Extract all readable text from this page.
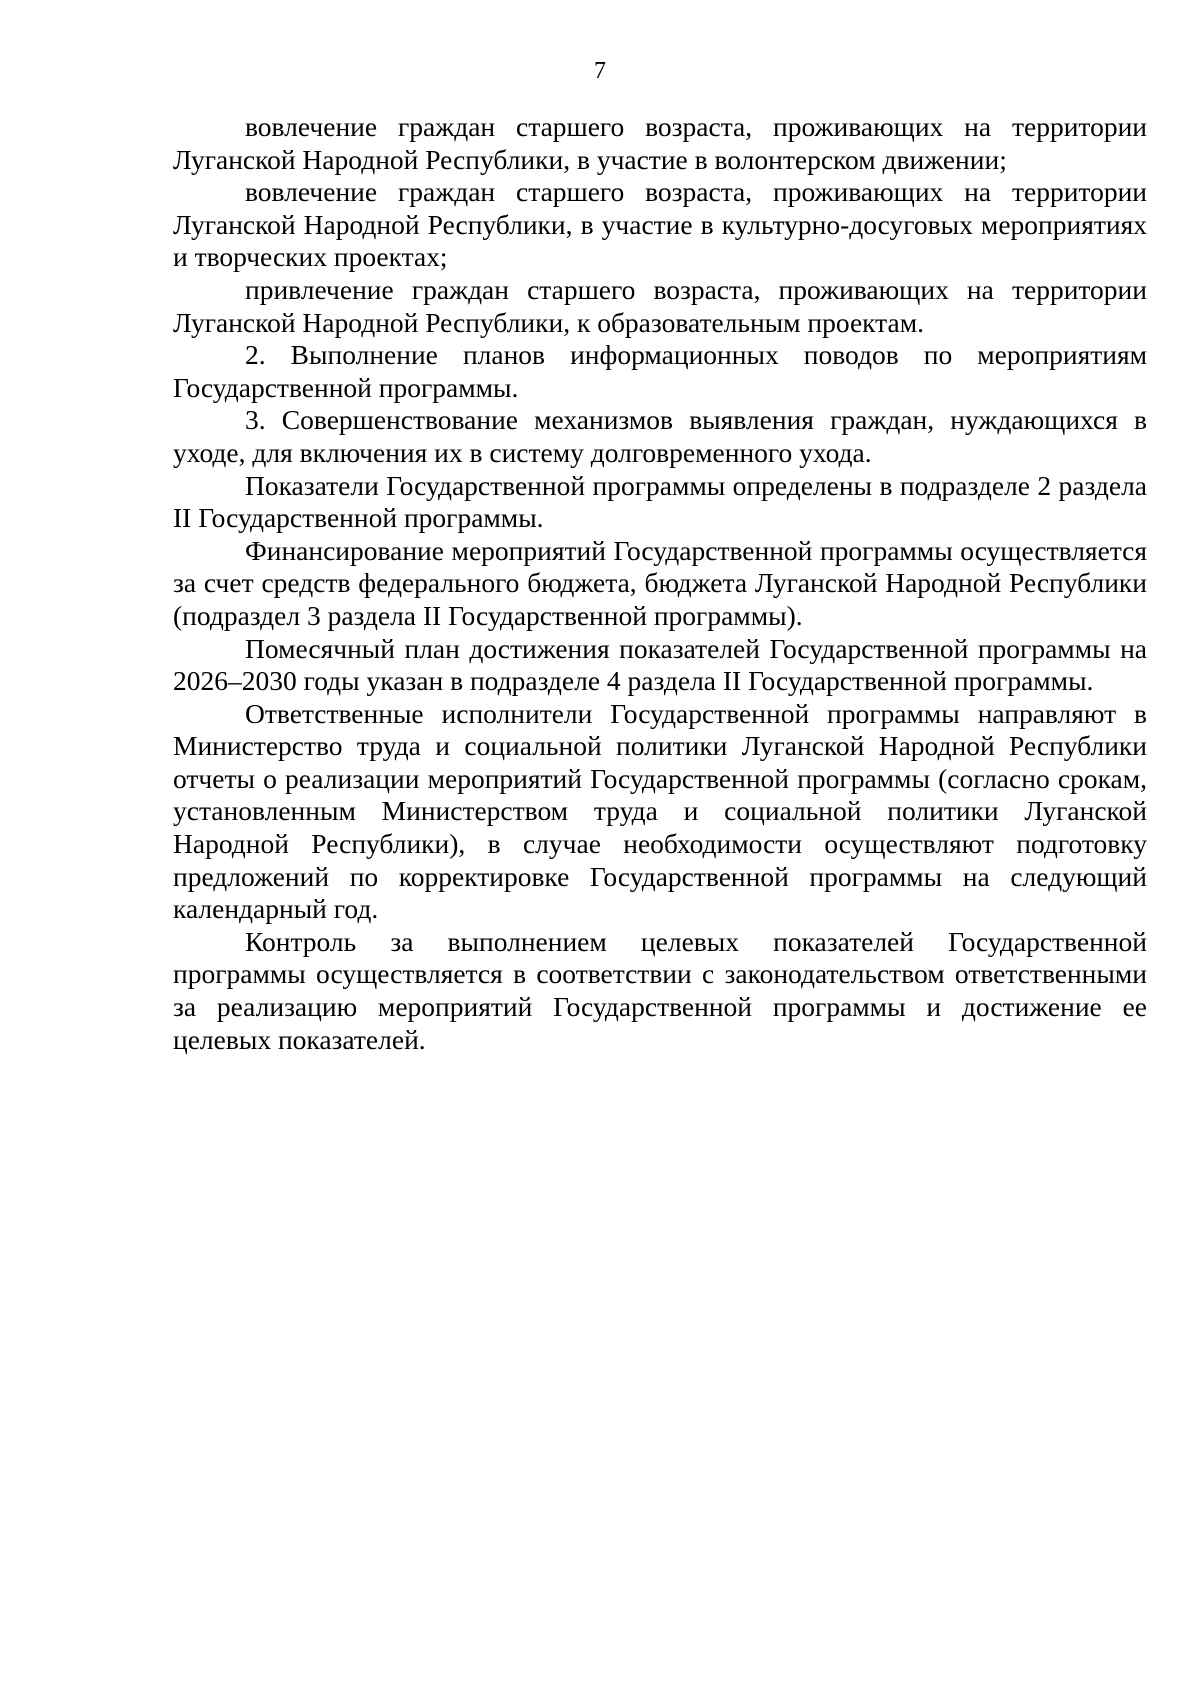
7

вовлечение граждан старшего возраста, проживающих на территории Луганской Народной Республики, в участие в волонтерском движении;

вовлечение граждан старшего возраста, проживающих на территории Луганской Народной Республики, в участие в культурно-досуговых мероприятиях и творческих проектах;

привлечение граждан старшего возраста, проживающих на территории Луганской Народной Республики, к образовательным проектам.

2. Выполнение планов информационных поводов по мероприятиям Государственной программы.

3. Совершенствование механизмов выявления граждан, нуждающихся в уходе, для включения их в систему долговременного ухода.

Показатели Государственной программы определены в подразделе 2 раздела II Государственной программы.

Финансирование мероприятий Государственной программы осуществляется за счет средств федерального бюджета, бюджета Луганской Народной Республики (подраздел 3 раздела II Государственной программы).

Помесячный план достижения показателей Государственной программы на 2026–2030 годы указан в подразделе 4 раздела II Государственной программы.

Ответственные исполнители Государственной программы направляют в Министерство труда и социальной политики Луганской Народной Республики отчеты о реализации мероприятий Государственной программы (согласно срокам, установленным Министерством труда и социальной политики Луганской Народной Республики), в случае необходимости осуществляют подготовку предложений по корректировке Государственной программы на следующий календарный год.

Контроль за выполнением целевых показателей Государственной программы осуществляется в соответствии с законодательством ответственными за реализацию мероприятий Государственной программы и достижение ее целевых показателей.
